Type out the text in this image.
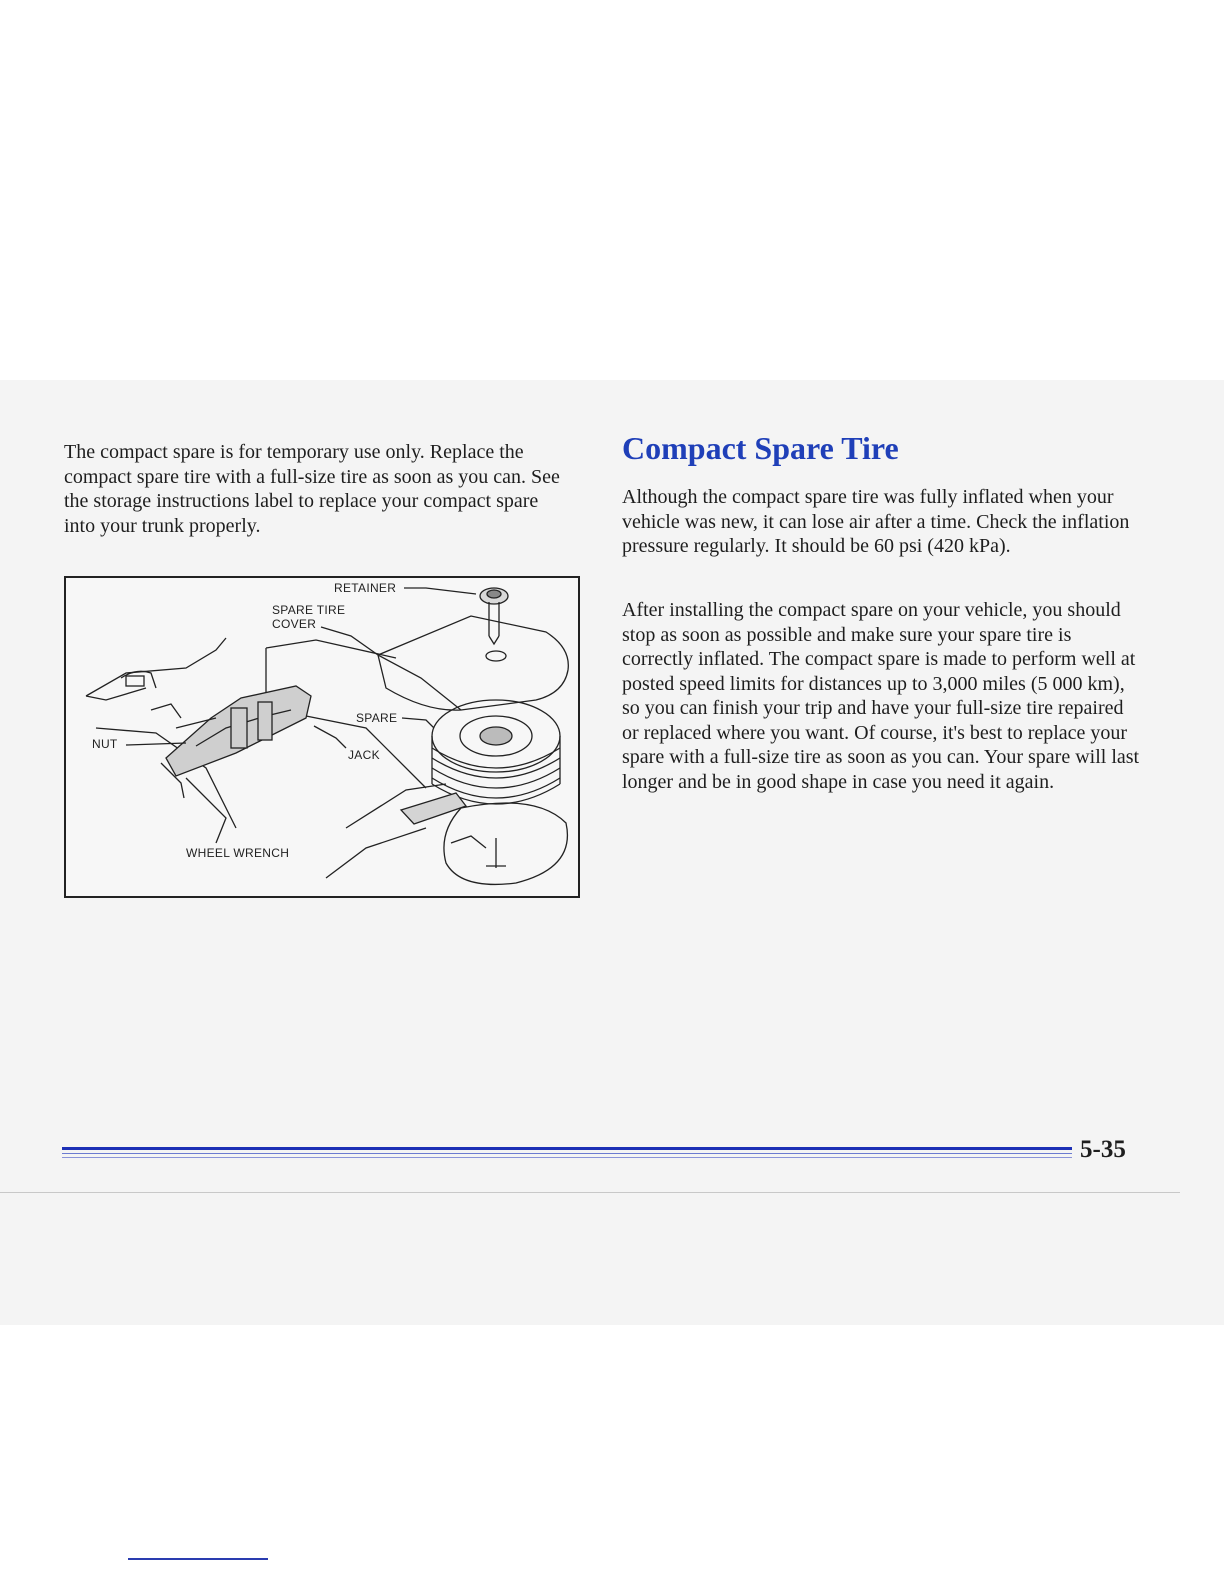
The compact spare is for temporary use only. Replace the compact spare tire with a full-size tire as soon as you can. See the storage instructions label to replace your compact spare into your trunk properly.

Compact Spare Tire

Although the compact spare tire was fully inflated when your vehicle was new, it can lose air after a time. Check the inflation pressure regularly. It should be 60 psi (420 kPa).

After installing the compact spare on your vehicle, you should stop as soon as possible and make sure your spare tire is correctly inflated. The compact spare is made to perform well at posted speed limits for distances up to 3,000 miles (5 000 km), so you can finish your trip and have your full-size tire repaired or replaced where you want. Of course, it's best to replace your spare with a full-size tire as soon as you can. Your spare will last longer and be in good shape in case you need it again.

RETAINER
SPARE TIRE
COVER
SPARE
JACK
NUT
WHEEL WRENCH

5-35
